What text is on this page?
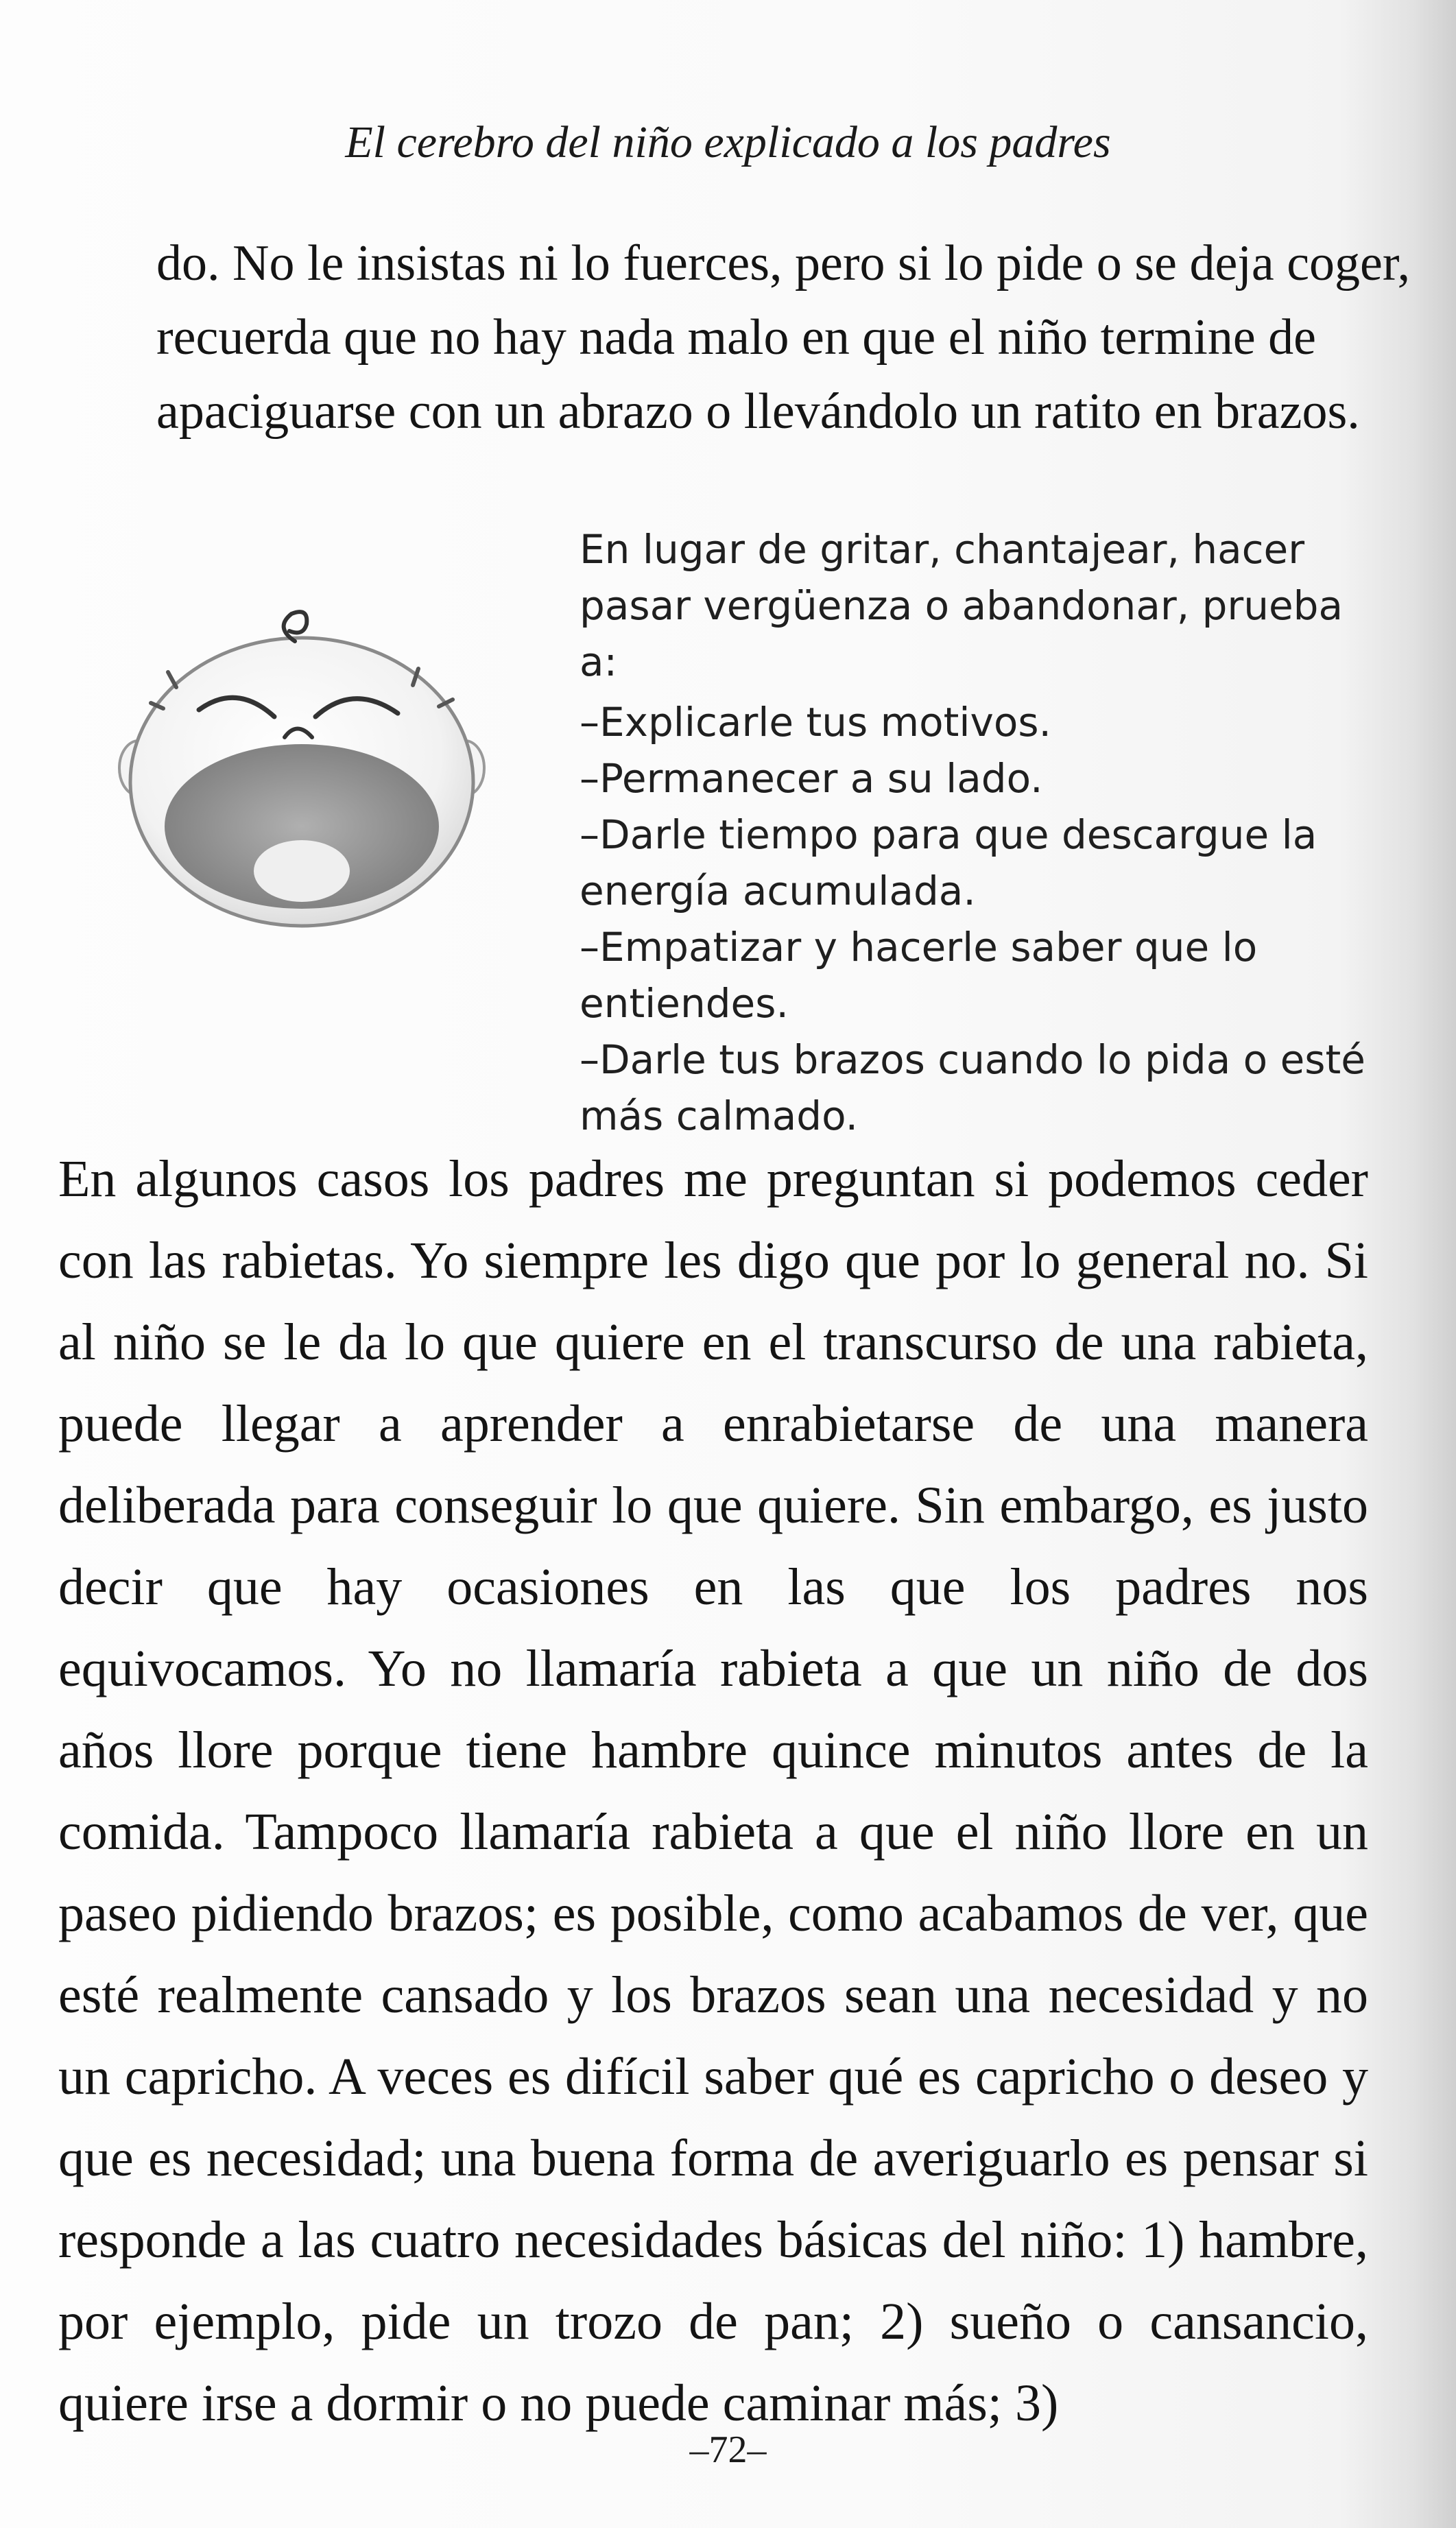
El cerebro del niño explicado a los padres

do. No le insistas ni lo fuerces, pero si lo pide o se deja coger,

recuerda que no hay nada malo en que el niño termine de

apaciguarse con un abrazo o llevándolo un ratito en brazos.

En lugar de gritar, chantajear, hacer pasar vergüenza o abandonar, prueba a:

–Explicarle tus motivos.
–Permanecer a su lado.
–Darle tiempo para que descargue la energía acumulada.
–Empatizar y hacerle saber que lo entiendes.
–Darle tus brazos cuando lo pida o esté más calmado.

En algunos casos los padres me preguntan si podemos ceder con las rabietas. Yo siempre les digo que por lo general no. Si al niño se le da lo que quiere en el transcurso de una rabieta, puede llegar a aprender a enrabietarse de una manera deliberada para conseguir lo que quiere. Sin embargo, es justo decir que hay ocasiones en las que los padres nos equivocamos. Yo no llamaría rabieta a que un niño de dos años llore porque tiene hambre quince minutos antes de la comida. Tampoco llamaría rabieta a que el niño llore en un paseo pidiendo brazos; es posible, como acabamos de ver, que esté realmente cansado y los brazos sean una necesidad y no un capricho. A veces es difícil saber qué es capricho o deseo y que es necesidad; una buena forma de averiguarlo es pensar si responde a las cuatro necesidades básicas del niño: 1) hambre, por ejemplo, pide un trozo de pan; 2) sueño o cansancio, quiere irse a dormir o no puede caminar más; 3)

–72–
